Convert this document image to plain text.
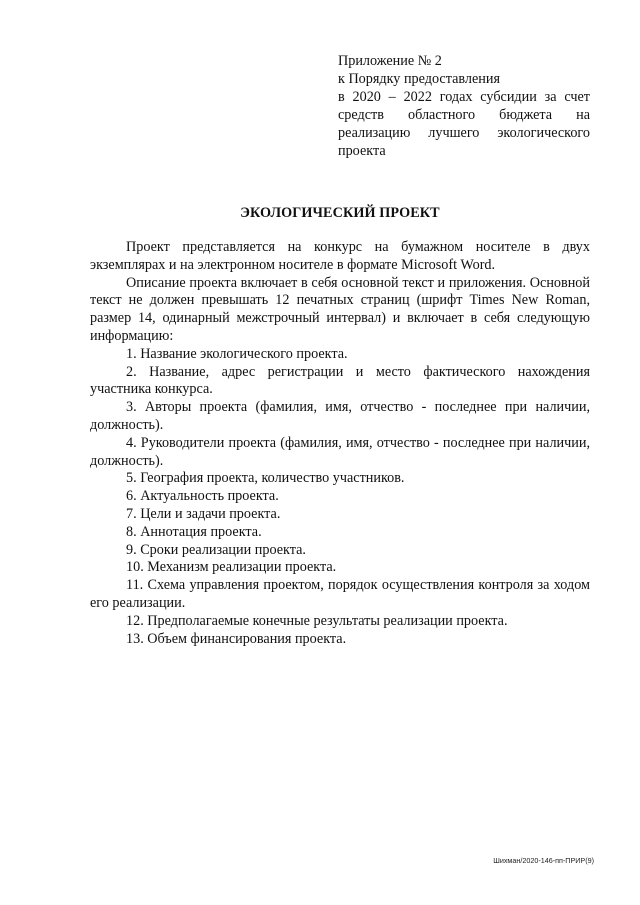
Приложение № 2
к Порядку предоставления
в 2020 – 2022 годах субсидии за счет средств областного бюджета на реализацию лучшего экологического проекта
ЭКОЛОГИЧЕСКИЙ ПРОЕКТ

Проект представляется на конкурс на бумажном носителе в двух экземплярах и на электронном носителе в формате Microsoft Word.

Описание проекта включает в себя основной текст и приложения. Основной текст не должен превышать 12 печатных страниц (шрифт Times New Roman, размер 14, одинарный межстрочный интервал) и включает в себя следующую информацию:

1. Название экологического проекта.

2. Название, адрес регистрации и место фактического нахождения участника конкурса.

3. Авторы проекта (фамилия, имя, отчество - последнее при наличии, должность).

4. Руководители проекта (фамилия, имя, отчество - последнее при наличии, должность).

5. География проекта, количество участников.

6. Актуальность проекта.

7. Цели и задачи проекта.

8. Аннотация проекта.

9. Сроки реализации проекта.

10. Механизм реализации проекта.

11. Схема управления проектом, порядок осуществления контроля за ходом его реализации.

12. Предполагаемые конечные результаты реализации проекта.

13. Объем финансирования проекта.

Шихман/2020-146-пп-ПРИР(9)
